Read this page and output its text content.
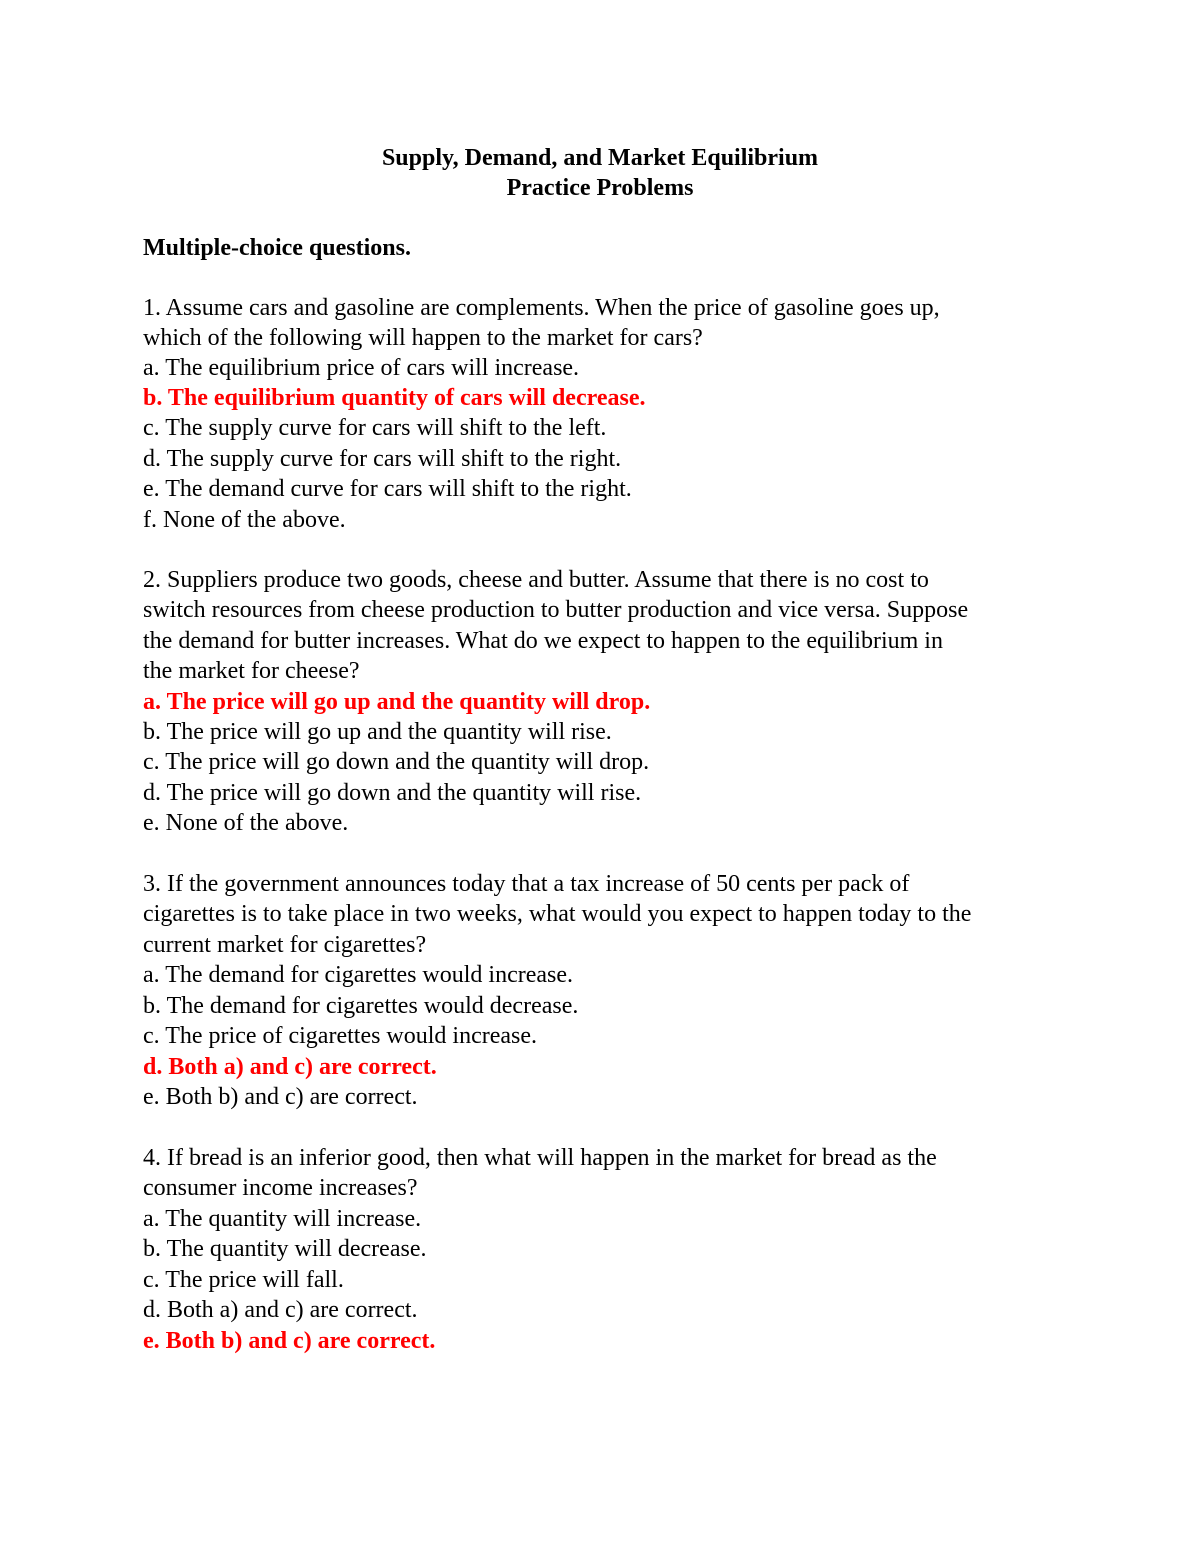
Supply, Demand, and Market Equilibrium
Practice Problems
Multiple-choice questions.
1. Assume cars and gasoline are complements. When the price of gasoline goes up,
which of the following will happen to the market for cars?
a. The equilibrium price of cars will increase.
b. The equilibrium quantity of cars will decrease.
c. The supply curve for cars will shift to the left.
d. The supply curve for cars will shift to the right.
e. The demand curve for cars will shift to the right.
f. None of the above.
2. Suppliers produce two goods, cheese and butter. Assume that there is no cost to
switch resources from cheese production to butter production and vice versa. Suppose
the demand for butter increases. What do we expect to happen to the equilibrium in
the market for cheese?
a. The price will go up and the quantity will drop.
b. The price will go up and the quantity will rise.
c. The price will go down and the quantity will drop.
d. The price will go down and the quantity will rise.
e. None of the above.
3. If the government announces today that a tax increase of 50 cents per pack of
cigarettes is to take place in two weeks, what would you expect to happen today to the
current market for cigarettes?
a. The demand for cigarettes would increase.
b. The demand for cigarettes would decrease.
c. The price of cigarettes would increase.
d. Both a) and c) are correct.
e. Both b) and c) are correct.
4. If bread is an inferior good, then what will happen in the market for bread as the
consumer income increases?
a. The quantity will increase.
b. The quantity will decrease.
c. The price will fall.
d. Both a) and c) are correct.
e. Both b) and c) are correct.
